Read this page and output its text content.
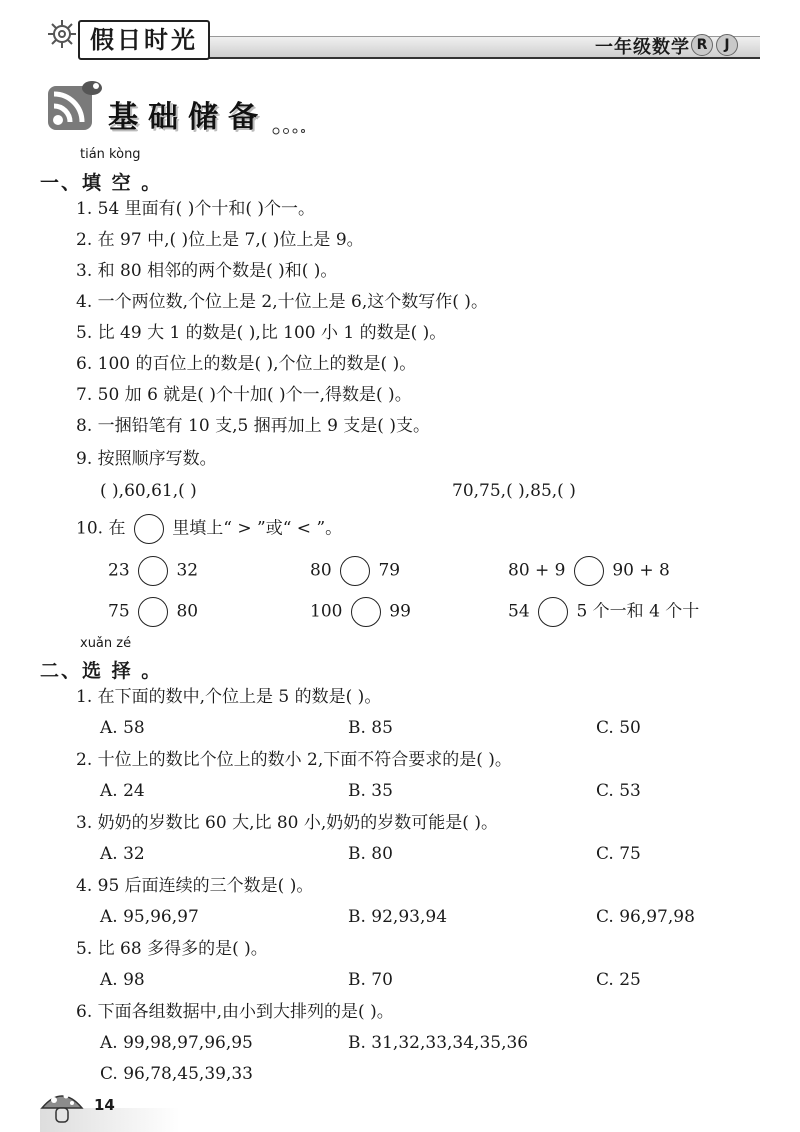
假日时光	一年级数学 R	J
基础储备
tián kòng
一、填 空 。
1. 54 里面有( )个十和( )个一。
2. 在 97 中,( )位上是 7,( )位上是 9。
3. 和 80 相邻的两个数是( )和( )。
4. 一个两位数,个位上是 2,十位上是 6,这个数写作( )。
5. 比 49 大 1 的数是( ),比 100 小 1 的数是( )。
6. 100 的百位上的数是( ),个位上的数是( )。
7. 50 加 6 就是( )个十加( )个一,得数是( )。
8. 一捆铅笔有 10 支,5 捆再加上 9 支是( )支。
9. 按照顺序写数。
( ),60,61,( )	70,75,( ),85,( )
10. 在	里填上“ > ”或“ < ”。
23	32	80	79	80 + 9	90 + 8
75	80	100	99	54	5 个一和 4 个十
xuǎn zé
二、选 择 。
1. 在下面的数中,个位上是 5 的数是( )。
A. 58	B. 85	C. 50
2. 十位上的数比个位上的数小 2,下面不符合要求的是( )。
A. 24	B. 35	C. 53
3. 奶奶的岁数比 60 大,比 80 小,奶奶的岁数可能是( )。
A. 32	B. 80	C. 75
4. 95 后面连续的三个数是( )。
A. 95,96,97	B. 92,93,94	C. 96,97,98
5. 比 68 多得多的是( )。
A. 98	B. 70	C. 25
6. 下面各组数据中,由小到大排列的是( )。
A. 99,98,97,96,95	B. 31,32,33,34,35,36
C. 96,78,45,39,33
14
